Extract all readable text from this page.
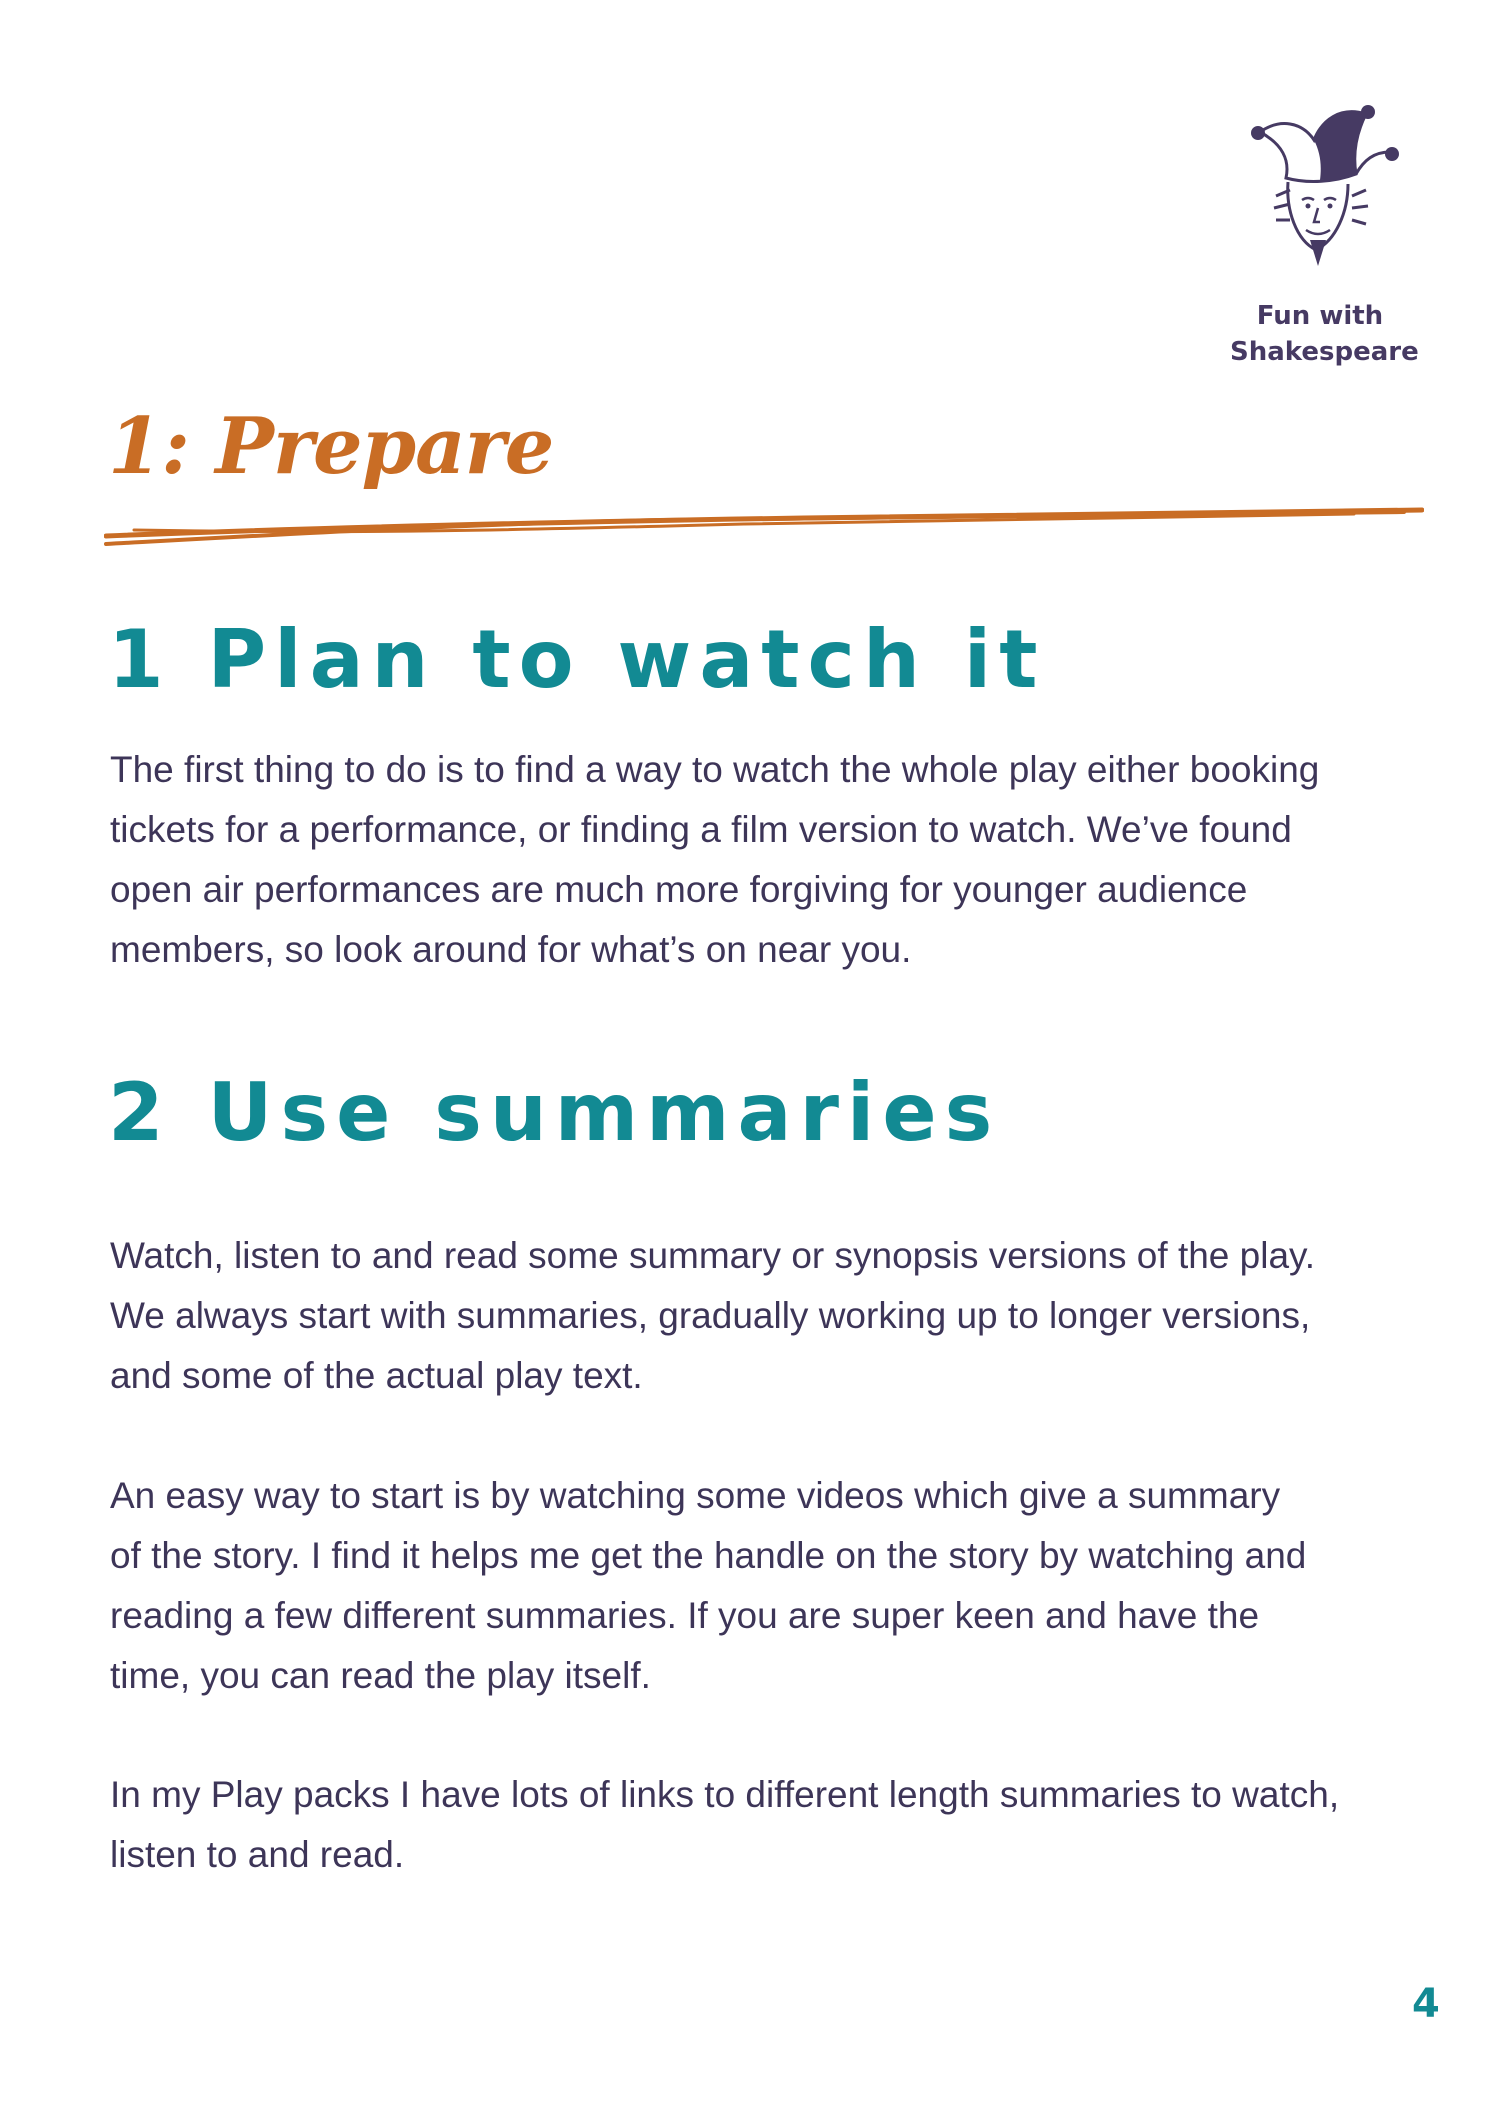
Fun with
Shakespeare
1: Prepare
1 Plan to watch it

The first thing to do is to find a way to watch the whole play either booking
tickets for a performance, or finding a film version to watch. We’ve found
open air performances are much more forgiving for younger audience
members, so look around for what’s on near you.

2 Use summaries

Watch, listen to and read some summary or synopsis versions of the play.
We always start with summaries, gradually working up to longer versions,
and some of the actual play text.

An easy way to start is by watching some videos which give a summary
of the story. I find it helps me get the handle on the story by watching and
reading a few different summaries. If you are super keen and have the
time, you can read the play itself.

In my Play packs I have lots of links to different length summaries to watch,
listen to and read.

4
